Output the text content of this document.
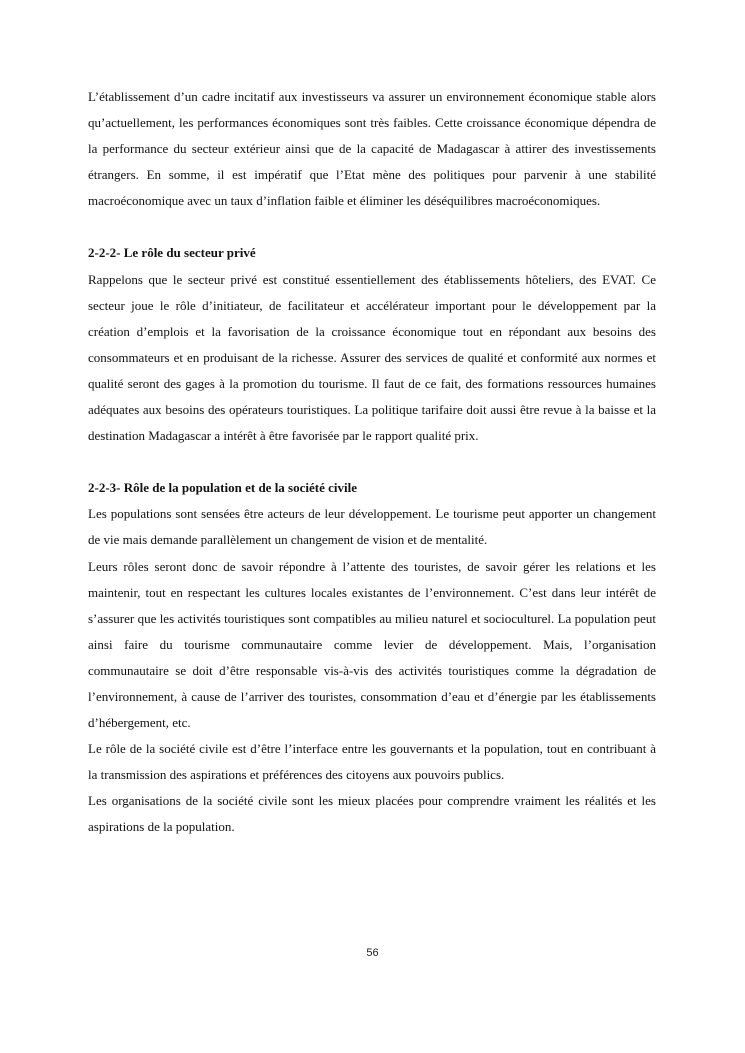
L’établissement d’un cadre incitatif aux investisseurs va assurer un environnement économique stable alors qu’actuellement, les performances économiques sont très faibles. Cette croissance économique dépendra de la performance du secteur extérieur ainsi que de la capacité de Madagascar à attirer des investissements étrangers. En somme, il est impératif que l’Etat mène des politiques pour parvenir à une stabilité macroéconomique avec un taux d’inflation faible et éliminer les déséquilibres macroéconomiques.

2-2-2- Le rôle du secteur privé

Rappelons que le secteur privé est constitué essentiellement des établissements hôteliers, des EVAT. Ce secteur joue le rôle d’initiateur, de facilitateur et accélérateur important pour le développement par la création d’emplois et la favorisation de la croissance économique tout en répondant aux besoins des consommateurs et en produisant de la richesse. Assurer des services de qualité et conformité aux normes et qualité seront des gages à la promotion du tourisme. Il faut de ce fait, des formations ressources humaines adéquates aux besoins des opérateurs touristiques. La politique tarifaire doit aussi être revue à la baisse et la destination Madagascar a intérêt à être favorisée par le rapport qualité prix.

2-2-3- Rôle de la population et de la société civile

Les populations sont sensées être acteurs de leur développement. Le tourisme peut apporter un changement de vie mais demande parallèlement un changement de vision et de mentalité.

Leurs rôles seront donc de savoir répondre à l’attente des touristes, de savoir gérer les relations et les maintenir, tout en respectant les cultures locales existantes de l’environnement. C’est dans leur intérêt de s’assurer que les activités touristiques sont compatibles au milieu naturel et socioculturel. La population peut ainsi faire du tourisme communautaire comme levier de développement. Mais, l’organisation communautaire se doit d’être responsable vis-à-vis des activités touristiques comme la dégradation de l’environnement, à cause de l’arriver des touristes, consommation d’eau et d’énergie par les établissements d’hébergement, etc.

Le rôle de la société civile est d’être l’interface entre les gouvernants et la population, tout en contribuant à la transmission des aspirations et préférences des citoyens aux pouvoirs publics.

Les organisations de la société civile sont les mieux placées pour comprendre vraiment les réalités et les aspirations de la population.

56
